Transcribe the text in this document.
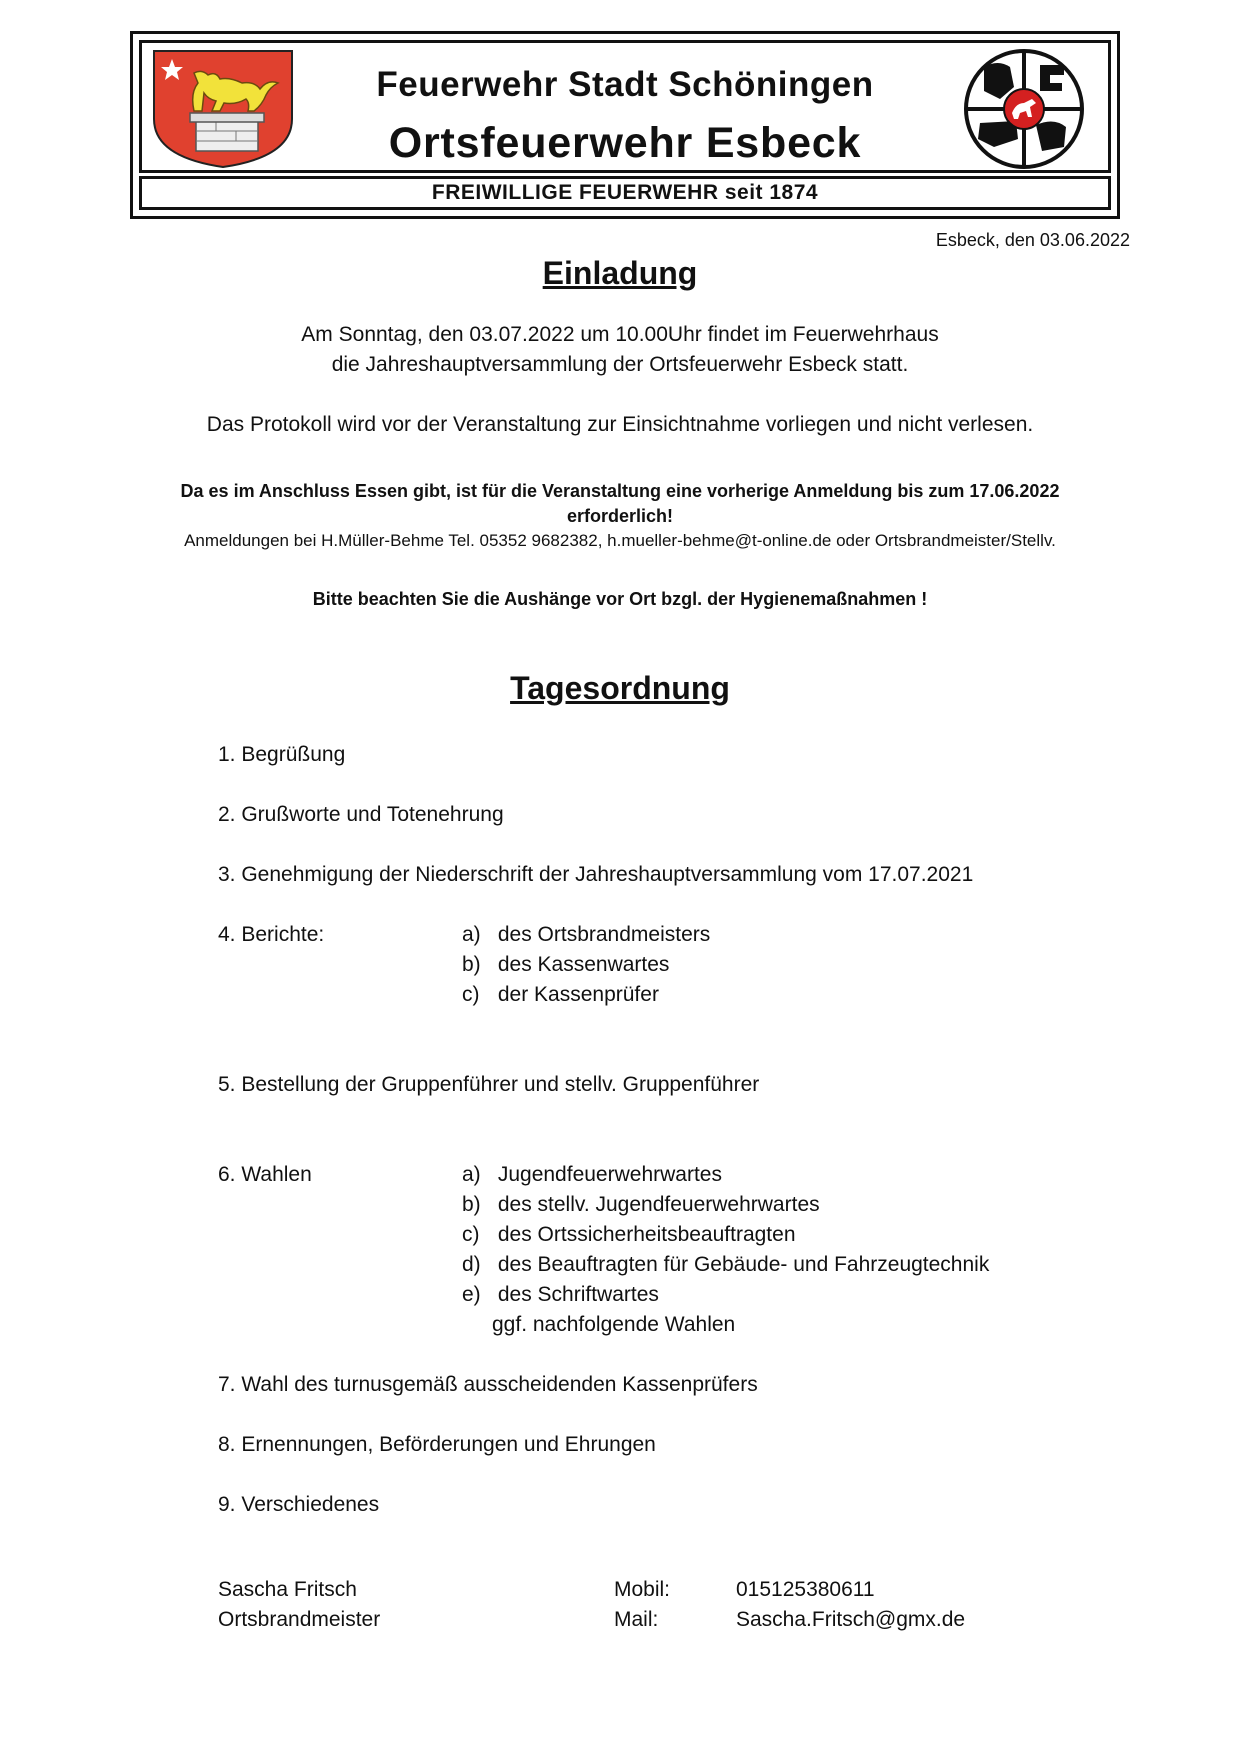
Feuerwehr Stadt Schöningen
Ortsfeuerwehr Esbeck
FREIWILLIGE FEUERWEHR seit 1874
Esbeck, den 03.06.2022
Einladung
Am Sonntag, den 03.07.2022 um 10.00Uhr findet im Feuerwehrhaus
die Jahreshauptversammlung der Ortsfeuerwehr Esbeck statt.
Das Protokoll wird vor der Veranstaltung zur Einsichtnahme vorliegen und nicht verlesen.
Da es im Anschluss Essen gibt, ist für die Veranstaltung eine vorherige Anmeldung bis zum 17.06.2022
erforderlich!
Anmeldungen bei H.Müller-Behme Tel. 05352 9682382, h.mueller-behme@t-online.de oder Ortsbrandmeister/Stellv.
Bitte beachten Sie die Aushänge vor Ort bzgl. der Hygienemaßnahmen !
Tagesordnung
1. Begrüßung
2. Grußworte und Totenehrung
3. Genehmigung der Niederschrift der Jahreshauptversammlung vom 17.07.2021
4. Berichte:	a) des Ortsbrandmeisters
b) des Kassenwartes
c) der Kassenprüfer
5. Bestellung der Gruppenführer und stellv. Gruppenführer
6. Wahlen	a) Jugendfeuerwehrwartes
b) des stellv. Jugendfeuerwehrwartes
c) des Ortssicherheitsbeauftragten
d) des Beauftragten für Gebäude- und Fahrzeugtechnik
e) des Schriftwartes
ggf. nachfolgende Wahlen
7. Wahl des turnusgemäß ausscheidenden Kassenprüfers
8. Ernennungen, Beförderungen und Ehrungen
9. Verschiedenes
Sascha Fritsch
Ortsbrandmeister
Mobil:
Mail:
015125380611
Sascha.Fritsch@gmx.de
